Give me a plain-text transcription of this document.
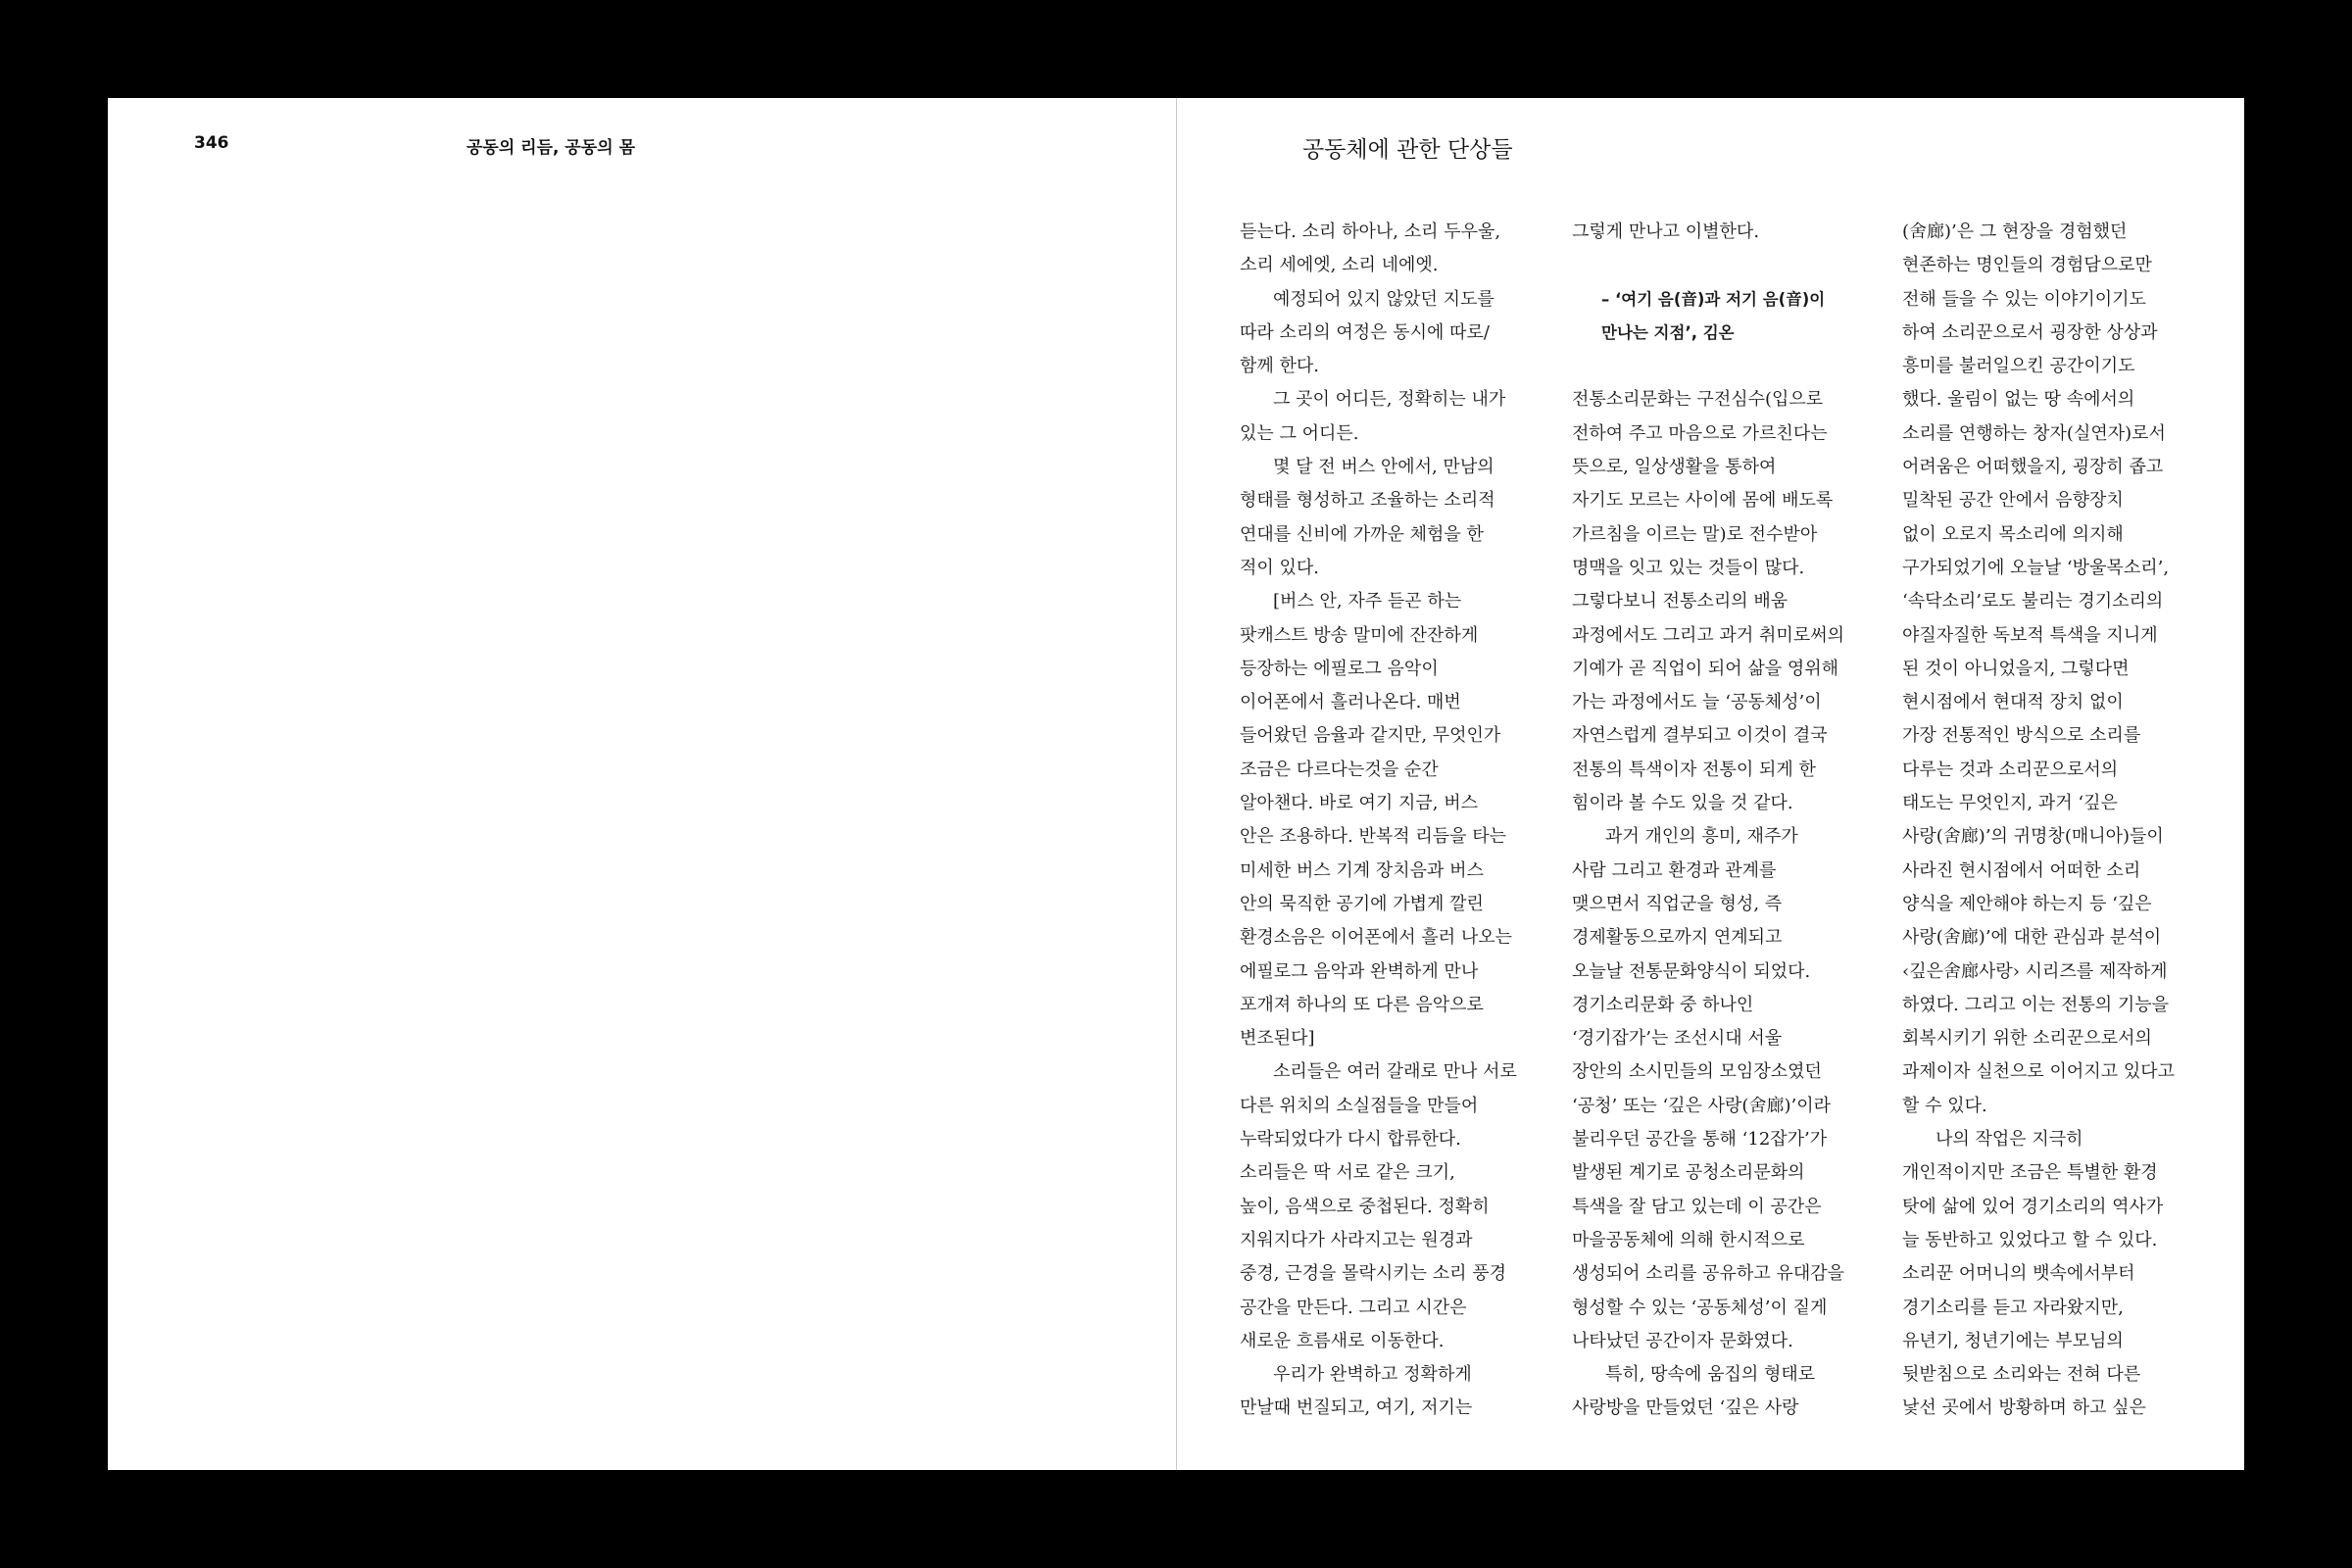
346	공동의 리듬, 공동의 몸	공동체에 관한 단상들
듣는다. 소리 하아나, 소리 두우울,
소리 세에엣, 소리 네에엣.
예정되어 있지 않았던 지도를
따라 소리의 여정은 동시에 따로/
함께 한다.
그 곳이 어디든, 정확히는 내가
있는 그 어디든.
몇 달 전 버스 안에서, 만남의
형태를 형성하고 조율하는 소리적
연대를 신비에 가까운 체험을 한
적이 있다.
[버스 안, 자주 듣곤 하는
팟캐스트 방송 말미에 잔잔하게
등장하는 에필로그 음악이
이어폰에서 흘러나온다. 매번
들어왔던 음율과 같지만, 무엇인가
조금은 다르다는것을 순간
알아챈다. 바로 여기 지금, 버스
안은 조용하다. 반복적 리듬을 타는
미세한 버스 기계 장치음과 버스
안의 묵직한 공기에 가볍게 깔린
환경소음은 이어폰에서 흘러 나오는
에필로그 음악과 완벽하게 만나
포개져 하나의 또 다른 음악으로
변조된다]
소리들은 여러 갈래로 만나 서로
다른 위치의 소실점들을 만들어
누락되었다가 다시 합류한다.
소리들은 딱 서로 같은 크기,
높이, 음색으로 중첩된다. 정확히
지워지다가 사라지고는 원경과
중경, 근경을 몰락시키는 소리 풍경
공간을 만든다. 그리고 시간은
새로운 흐름새로 이동한다.
우리가 완벽하고 정확하게
만날때 번질되고, 여기, 저기는
그렇게 만나고 이별한다.
– ‘여기 음(音)과 저기 음(音)이
만나는 지점’, 김온
전통소리문화는 구전심수(입으로
전하여 주고 마음으로 가르친다는
뜻으로, 일상생활을 통하여
자기도 모르는 사이에 몸에 배도록
가르침을 이르는 말)로 전수받아
명맥을 잇고 있는 것들이 많다.
그렇다보니 전통소리의 배움
과정에서도 그리고 과거 취미로써의
기예가 곧 직업이 되어 삶을 영위해
가는 과정에서도 늘 ‘공동체성’이
자연스럽게 결부되고 이것이 결국
전통의 특색이자 전통이 되게 한
힘이라 볼 수도 있을 것 같다.
과거 개인의 흥미, 재주가
사람 그리고 환경과 관계를
맺으면서 직업군을 형성, 즉
경제활동으로까지 연계되고
오늘날 전통문화양식이 되었다.
경기소리문화 중 하나인
‘경기잡가’는 조선시대 서울
장안의 소시민들의 모임장소였던
‘공청’ 또는 ‘깊은 사랑(舍廊)’이라
불리우던 공간을 통해 ‘12잡가’가
발생된 계기로 공청소리문화의
특색을 잘 담고 있는데 이 공간은
마을공동체에 의해 한시적으로
생성되어 소리를 공유하고 유대감을
형성할 수 있는 ‘공동체성’이 짙게
나타났던 공간이자 문화였다.
특히, 땅속에 움집의 형태로
사랑방을 만들었던 ‘깊은 사랑
(舍廊)’은 그 현장을 경험했던
현존하는 명인들의 경험담으로만
전해 들을 수 있는 이야기이기도
하여 소리꾼으로서 굉장한 상상과
흥미를 불러일으킨 공간이기도
했다. 울림이 없는 땅 속에서의
소리를 연행하는 창자(실연자)로서
어려움은 어떠했을지, 굉장히 좁고
밀착된 공간 안에서 음향장치
없이 오로지 목소리에 의지해
구가되었기에 오늘날 ‘방울목소리’,
‘속닥소리’로도 불리는 경기소리의
야질자질한 독보적 특색을 지니게
된 것이 아니었을지, 그렇다면
현시점에서 현대적 장치 없이
가장 전통적인 방식으로 소리를
다루는 것과 소리꾼으로서의
태도는 무엇인지, 과거 ‘깊은
사랑(舍廊)’의 귀명창(매니아)들이
사라진 현시점에서 어떠한 소리
양식을 제안해야 하는지 등 ‘깊은
사랑(舍廊)’에 대한 관심과 분석이
‹깊은舍廊사랑› 시리즈를 제작하게
하였다. 그리고 이는 전통의 기능을
회복시키기 위한 소리꾼으로서의
과제이자 실천으로 이어지고 있다고
할 수 있다.
나의 작업은 지극히
개인적이지만 조금은 특별한 환경
탓에 삶에 있어 경기소리의 역사가
늘 동반하고 있었다고 할 수 있다.
소리꾼 어머니의 뱃속에서부터
경기소리를 듣고 자라왔지만,
유년기, 청년기에는 부모님의
뒷받침으로 소리와는 전혀 다른
낯선 곳에서 방황하며 하고 싶은
